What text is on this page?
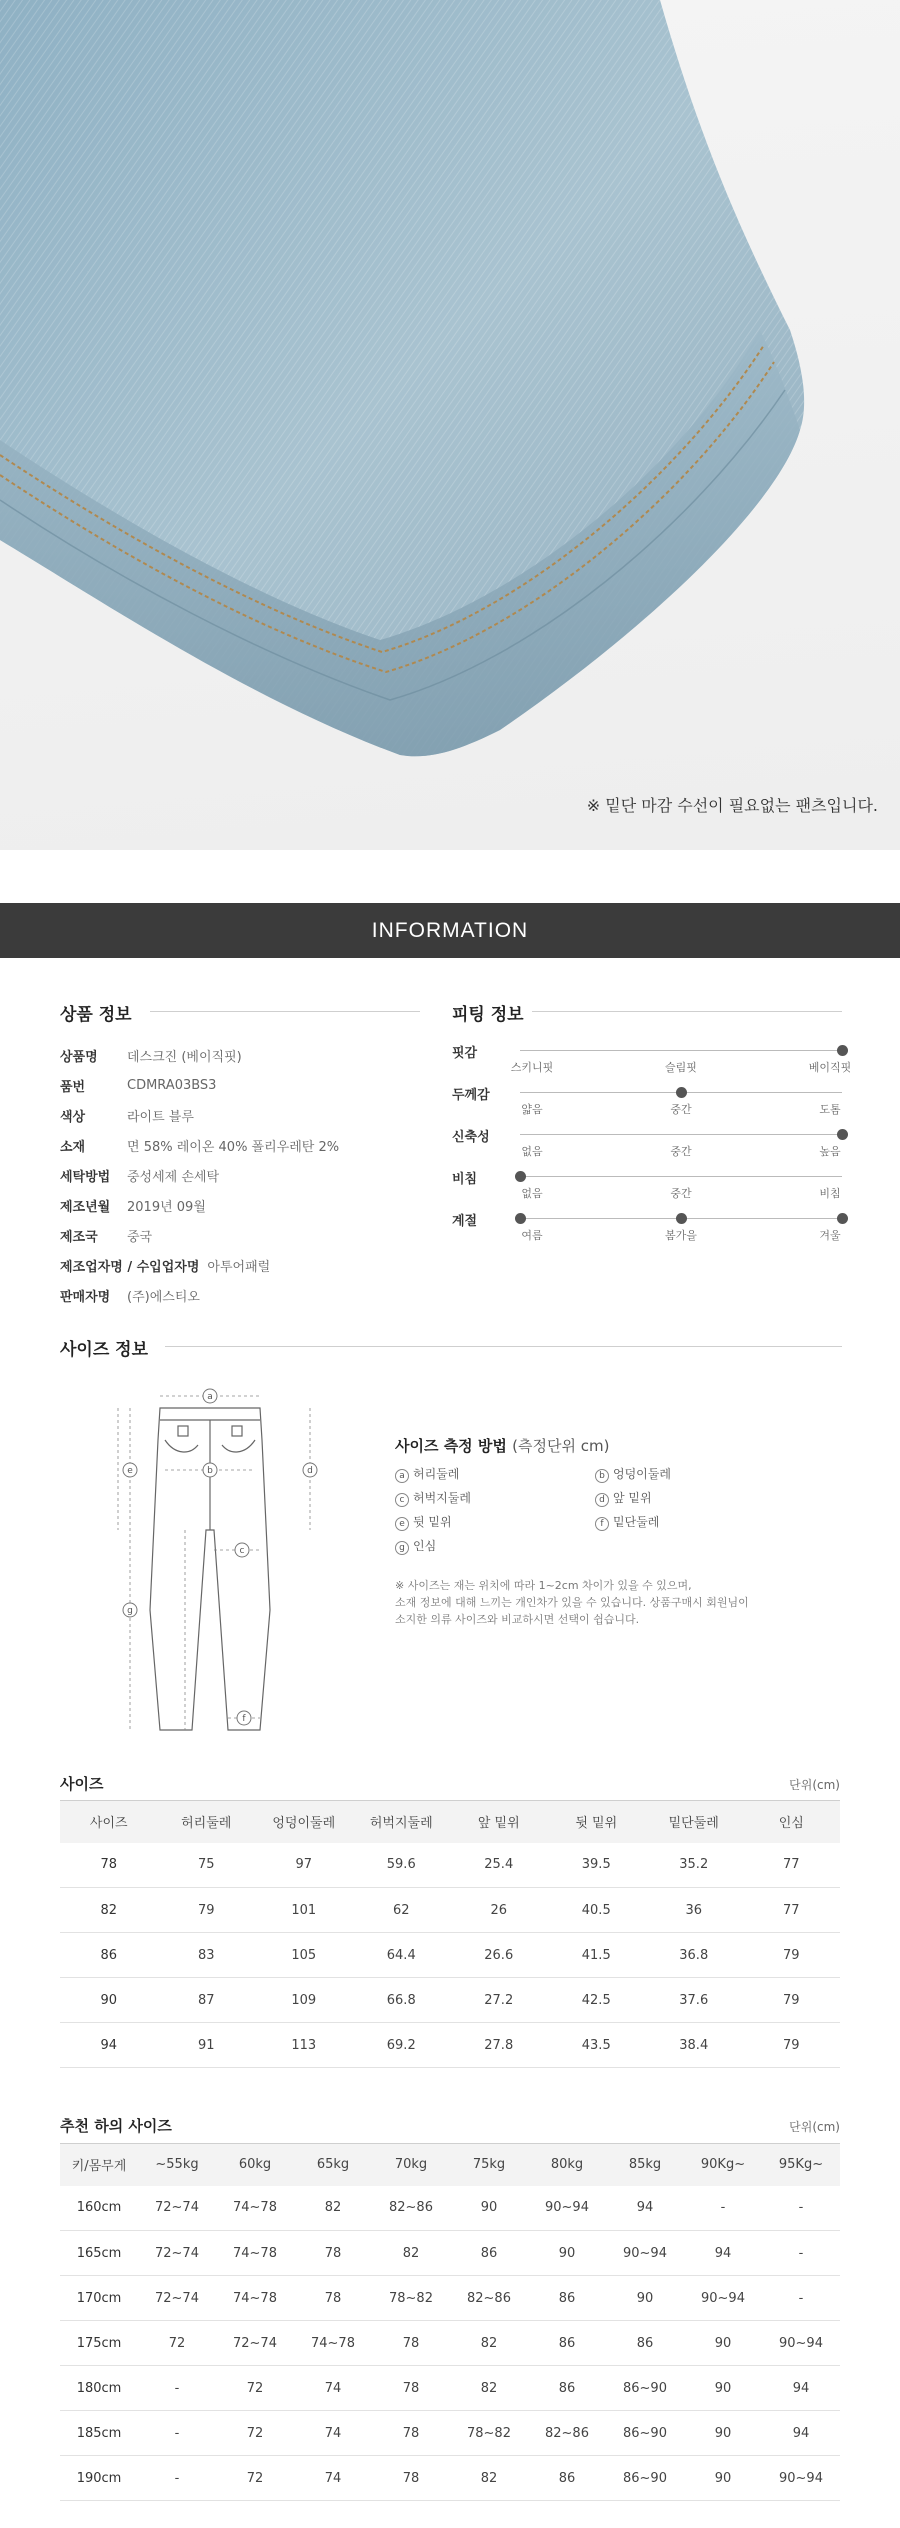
※ 밑단 마감 수선이 필요없는 팬츠입니다.
INFORMATION
상품 정보
상품명	데스크진 (베이직핏)
품번	CDMRA03BS3
색상	라이트 블루
소재	면 58% 레이온 40% 폴리우레탄 2%
세탁방법	중성세제 손세탁
제조년월	2019년 09월
제조국	중국
제조업자명 / 수입업자명 아투어패럴
판매자명	(주)에스티오
피팅 정보
핏감
스키니핏	슬림핏	베이직핏
두께감
얇음	중간	도톰
신축성
없음	중간	높음
비침
없음	중간	비침
계절
여름	봄가을	겨울
사이즈 정보
a
b
c
d
e
f
g
사이즈 측정 방법 (측정단위 cm)
a 허리둘레	b 엉덩이둘레
c 허벅지둘레	d 앞 밑위
e 뒷 밑위	f 밑단둘레
g 인심
※ 사이즈는 재는 위치에 따라 1~2cm 차이가 있을 수 있으며,
소재 정보에 대해 느끼는 개인차가 있을 수 있습니다. 상품구매시 회원님이
소지한 의류 사이즈와 비교하시면 선택이 쉽습니다.
사이즈	단위(cm)
사이즈	허리둘레	엉덩이둘레	허벅지둘레	앞 밑위	뒷 밑위	밑단둘레	인심
78	75	97	59.6	25.4	39.5	35.2	77
82	79	101	62	26	40.5	36	77
86	83	105	64.4	26.6	41.5	36.8	79
90	87	109	66.8	27.2	42.5	37.6	79
94	91	113	69.2	27.8	43.5	38.4	79
추천 하의 사이즈	단위(cm)
키/몸무게	~55kg	60kg	65kg	70kg	75kg	80kg	85kg	90Kg~	95Kg~
160cm	72~74	74~78	82	82~86	90	90~94	94	-	-
165cm	72~74	74~78	78	82	86	90	90~94	94	-
170cm	72~74	74~78	78	78~82	82~86	86	90	90~94	-
175cm	72	72~74	74~78	78	82	86	86	90	90~94
180cm	-	72	74	78	82	86	86~90	90	94
185cm	-	72	74	78	78~82	82~86	86~90	90	94
190cm	-	72	74	78	82	86	86~90	90	90~94
